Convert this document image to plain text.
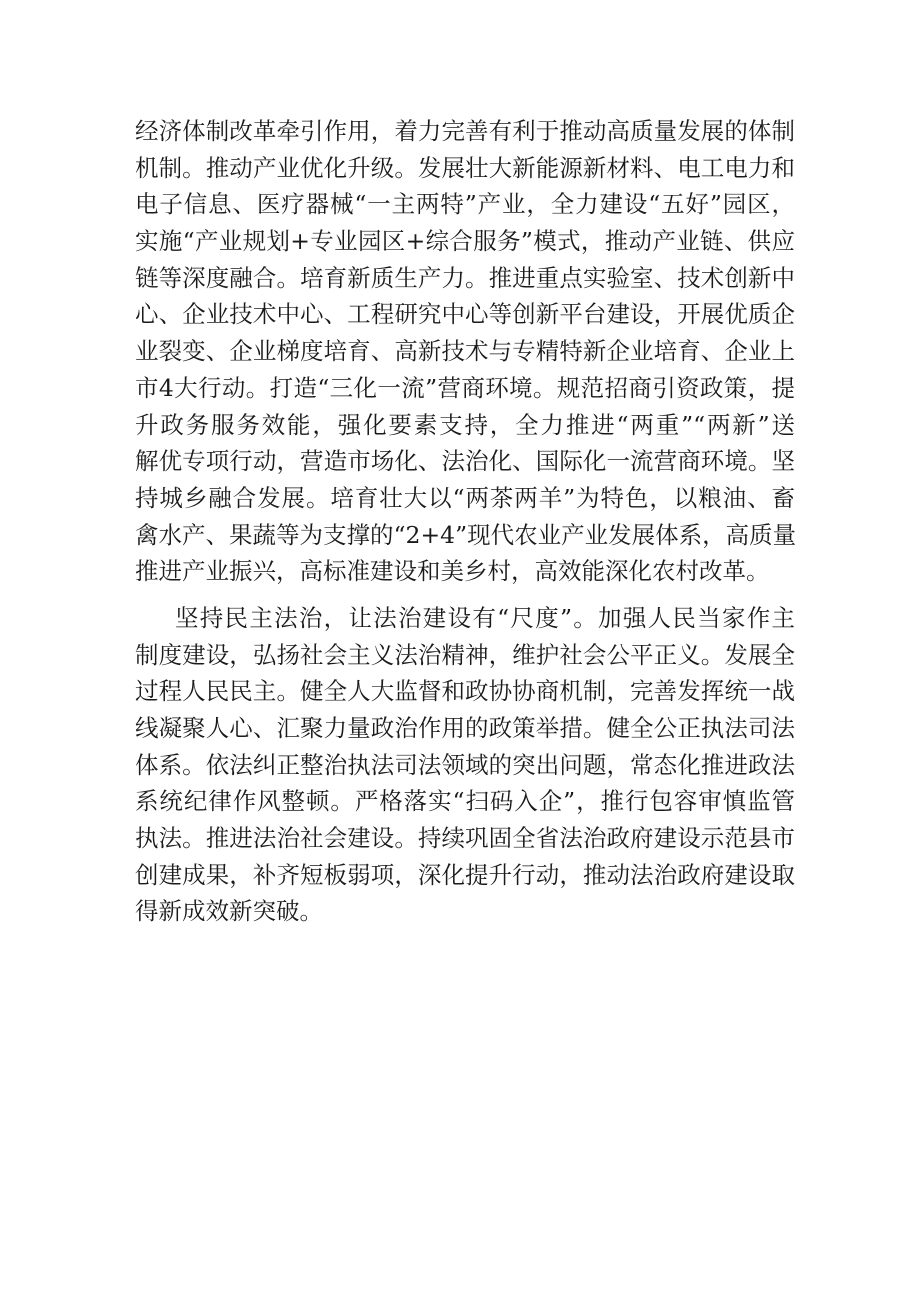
经济体制改革牵引作用，着力完善有利于推动高质量发展的体制
机制。推动产业优化升级。发展壮大新能源新材料、电工电力和
电子信息、医疗器械“一主两特”产业，全力建设“五好”园区，
实施“产业规划+专业园区+综合服务”模式，推动产业链、供应
链等深度融合。培育新质生产力。推进重点实验室、技术创新中
心、企业技术中心、工程研究中心等创新平台建设，开展优质企
业裂变、企业梯度培育、高新技术与专精特新企业培育、企业上
市4大行动。打造“三化一流”营商环境。规范招商引资政策，提
升政务服务效能，强化要素支持，全力推进“两重”“两新”送
解优专项行动，营造市场化、法治化、国际化一流营商环境。坚
持城乡融合发展。培育壮大以“两茶两羊”为特色，以粮油、畜
禽水产、果蔬等为支撑的“2+4”现代农业产业发展体系，高质量
推进产业振兴，高标准建设和美乡村，高效能深化农村改革。
坚持民主法治，让法治建设有“尺度”。加强人民当家作主
制度建设，弘扬社会主义法治精神，维护社会公平正义。发展全
过程人民民主。健全人大监督和政协协商机制，完善发挥统一战
线凝聚人心、汇聚力量政治作用的政策举措。健全公正执法司法
体系。依法纠正整治执法司法领域的突出问题，常态化推进政法
系统纪律作风整顿。严格落实“扫码入企”，推行包容审慎监管
执法。推进法治社会建设。持续巩固全省法治政府建设示范县市
创建成果，补齐短板弱项，深化提升行动，推动法治政府建设取
得新成效新突破。
